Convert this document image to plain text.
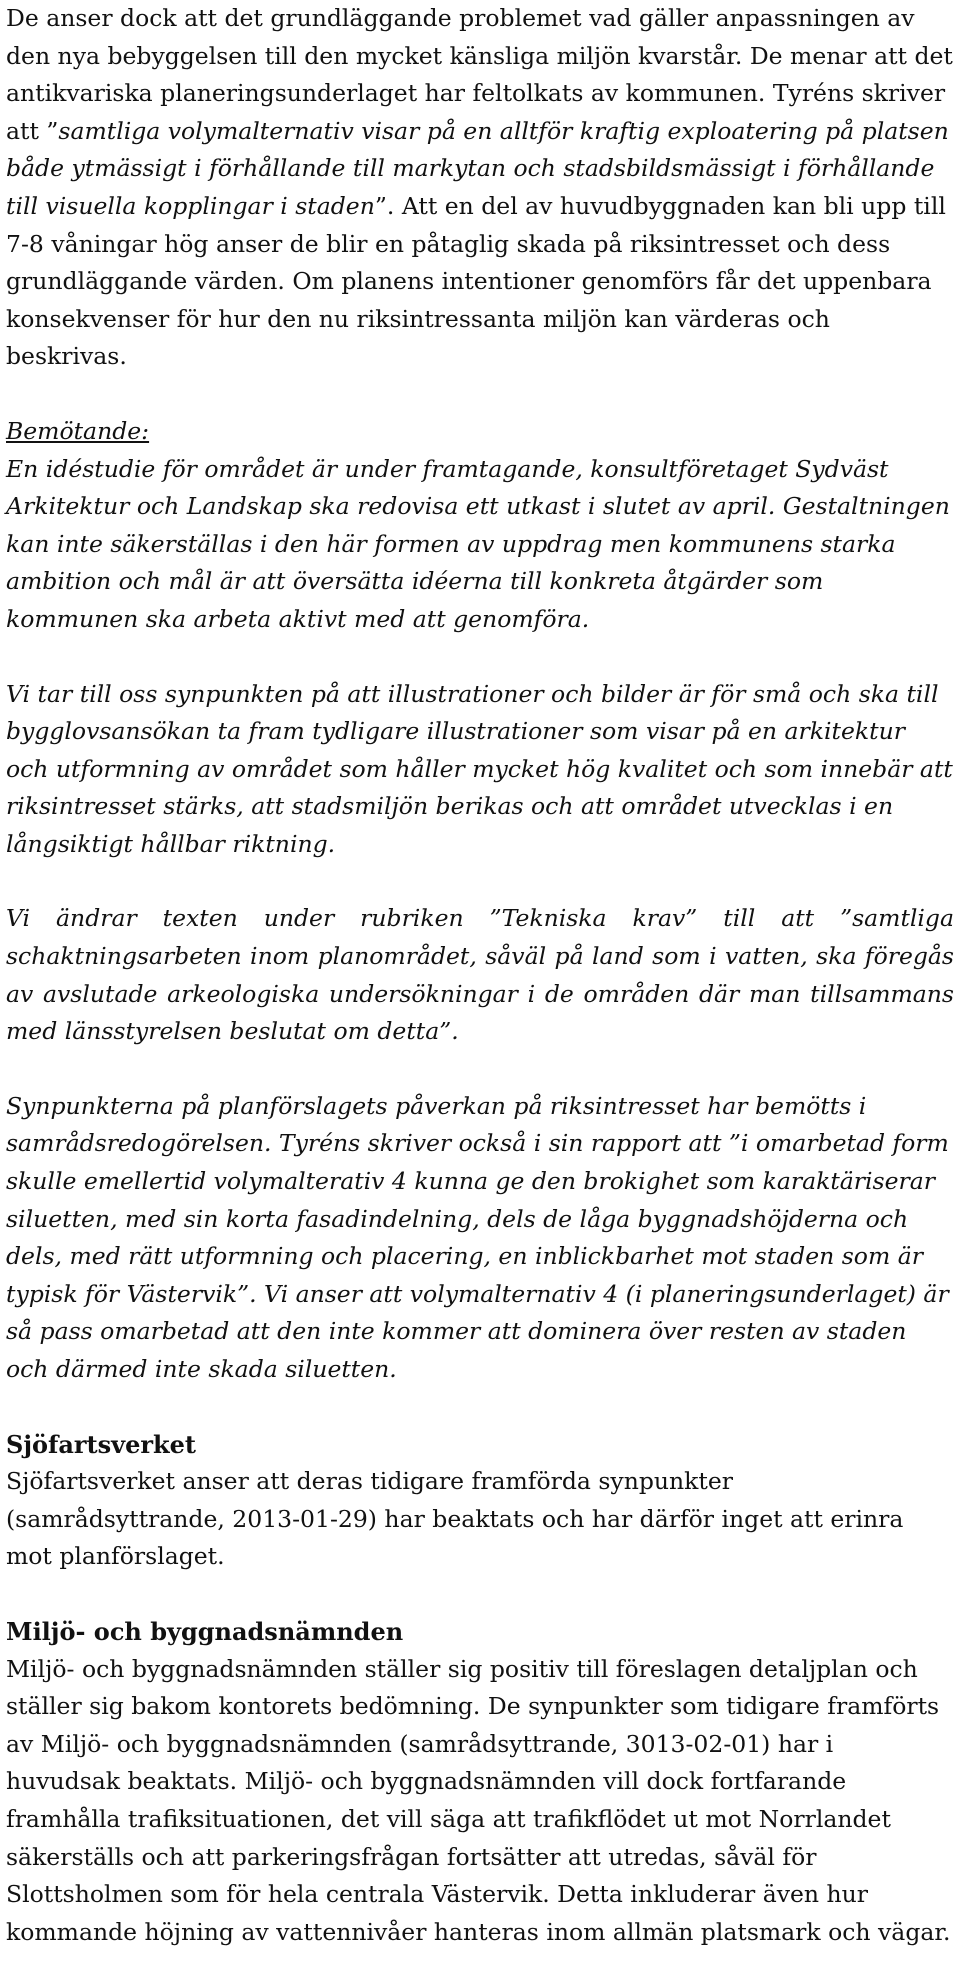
De anser dock att det grundläggande problemet vad gäller anpassningen av den nya bebyggelsen till den mycket känsliga miljön kvarstår. De menar att det antikvariska planeringsunderlaget har feltolkats av kommunen. Tyréns skriver att ”samtliga volymalternativ visar på en alltför kraftig exploatering på platsen både ytmässigt i förhållande till markytan och stadsbildsmässigt i förhållande till visuella kopplingar i staden”. Att en del av huvudbyggnaden kan bli upp till 7-8 våningar hög anser de blir en påtaglig skada på riksintresset och dess grundläggande värden. Om planens intentioner genomförs får det uppenbara konsekvenser för hur den nu riksintressanta miljön kan värderas och beskrivas.

Bemötande:
En idéstudie för området är under framtagande, konsultföretaget Sydväst Arkitektur och Landskap ska redovisa ett utkast i slutet av april. Gestaltningen kan inte säkerställas i den här formen av uppdrag men kommunens starka ambition och mål är att översätta idéerna till konkreta åtgärder som kommunen ska arbeta aktivt med att genomföra.

Vi tar till oss synpunkten på att illustrationer och bilder är för små och ska till bygglovsansökan ta fram tydligare illustrationer som visar på en arkitektur och utformning av området som håller mycket hög kvalitet och som innebär att riksintresset stärks, att stadsmiljön berikas och att området utvecklas i en långsiktigt hållbar riktning.

Vi ändrar texten under rubriken ”Tekniska krav” till att ”samtliga schaktningsarbeten inom planområdet, såväl på land som i vatten, ska föregås av avslutade arkeologiska undersökningar i de områden där man tillsammans med länsstyrelsen beslutat om detta”.

Synpunkterna på planförslagets påverkan på riksintresset har bemötts i samrådsredogörelsen. Tyréns skriver också i sin rapport att ”i omarbetad form skulle emellertid volymalterativ 4 kunna ge den brokighet som karaktäriserar siluetten, med sin korta fasadindelning, dels de låga byggnadshöjderna och dels, med rätt utformning och placering, en inblickbarhet mot staden som är typisk för Västervik”. Vi anser att volymalternativ 4 (i planeringsunderlaget) är så pass omarbetad att den inte kommer att dominera över resten av staden och därmed inte skada siluetten.

Sjöfartsverket

Sjöfartsverket anser att deras tidigare framförda synpunkter (samrådsyttrande, 2013-01-29) har beaktats och har därför inget att erinra mot planförslaget.

Miljö- och byggnadsnämnden

Miljö- och byggnadsnämnden ställer sig positiv till föreslagen detaljplan och ställer sig bakom kontorets bedömning. De synpunkter som tidigare framförts av Miljö- och byggnadsnämnden (samrådsyttrande, 3013-02-01) har i huvudsak beaktats. Miljö- och byggnadsnämnden vill dock fortfarande framhålla trafiksituationen, det vill säga att trafikflödet ut mot Norrlandet säkerställs och att parkeringsfrågan fortsätter att utredas, såväl för Slottsholmen som för hela centrala Västervik. Detta inkluderar även hur kommande höjning av vattennivåer hanteras inom allmän platsmark och vägar.
